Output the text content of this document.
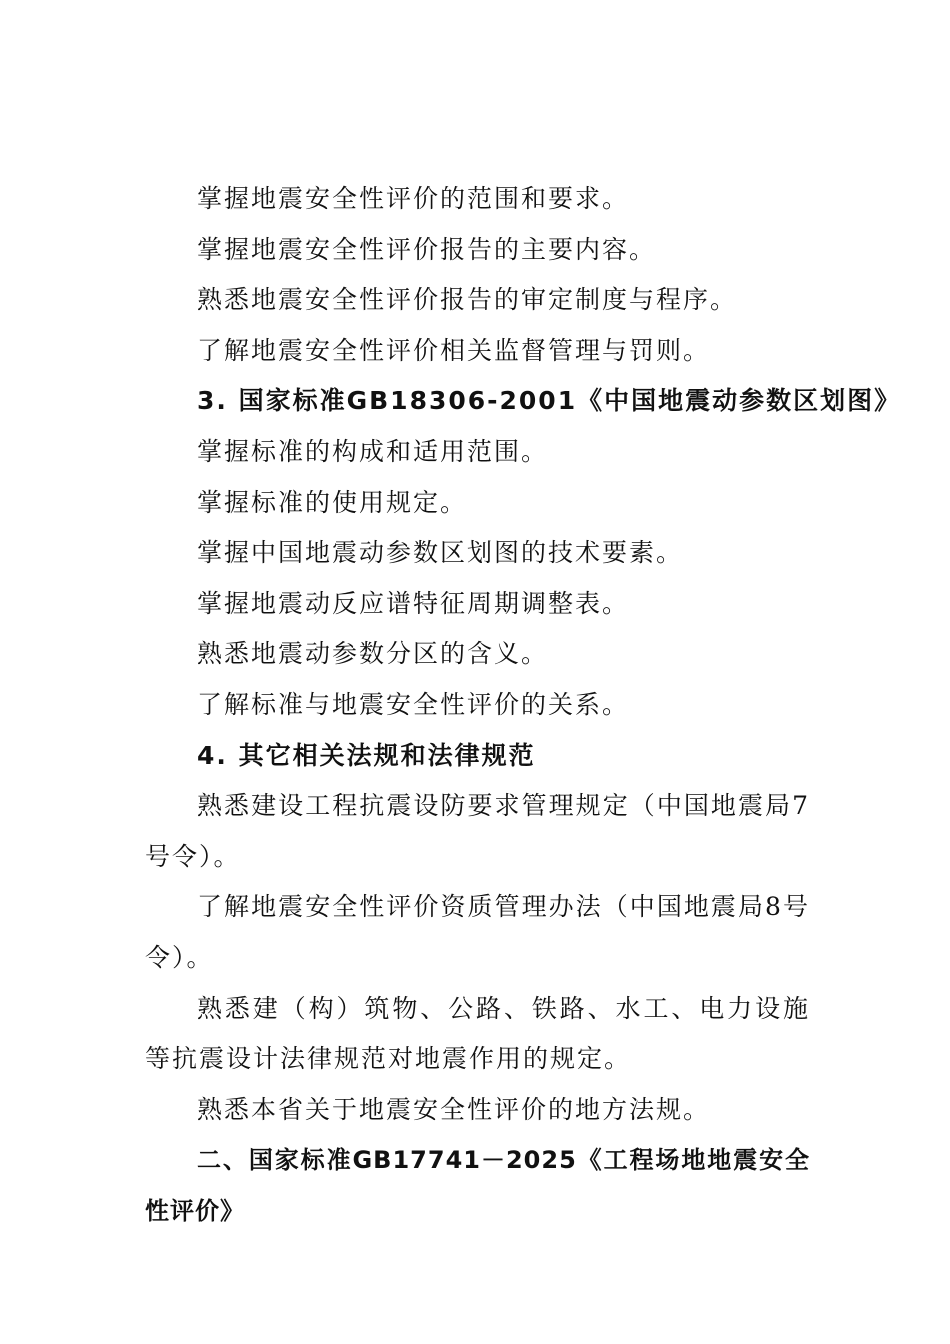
掌握地震安全性评价的范围和要求。
掌握地震安全性评价报告的主要内容。
熟悉地震安全性评价报告的审定制度与程序。
了解地震安全性评价相关监督管理与罚则。
3. 国家标准GB18306-2001《中国地震动参数区划图》
掌握标准的构成和适用范围。
掌握标准的使用规定。
掌握中国地震动参数区划图的技术要素。
掌握地震动反应谱特征周期调整表。
熟悉地震动参数分区的含义。
了解标准与地震安全性评价的关系。
4. 其它相关法规和法律规范
熟悉建设工程抗震设防要求管理规定（中国地震局7号令）。
了解地震安全性评价资质管理办法（中国地震局8号令）。
熟悉建（构）筑物、公路、铁路、水工、电力设施等抗震设计法律规范对地震作用的规定。
熟悉本省关于地震安全性评价的地方法规。
二、国家标准GB17741－2025《工程场地地震安全性评价》
